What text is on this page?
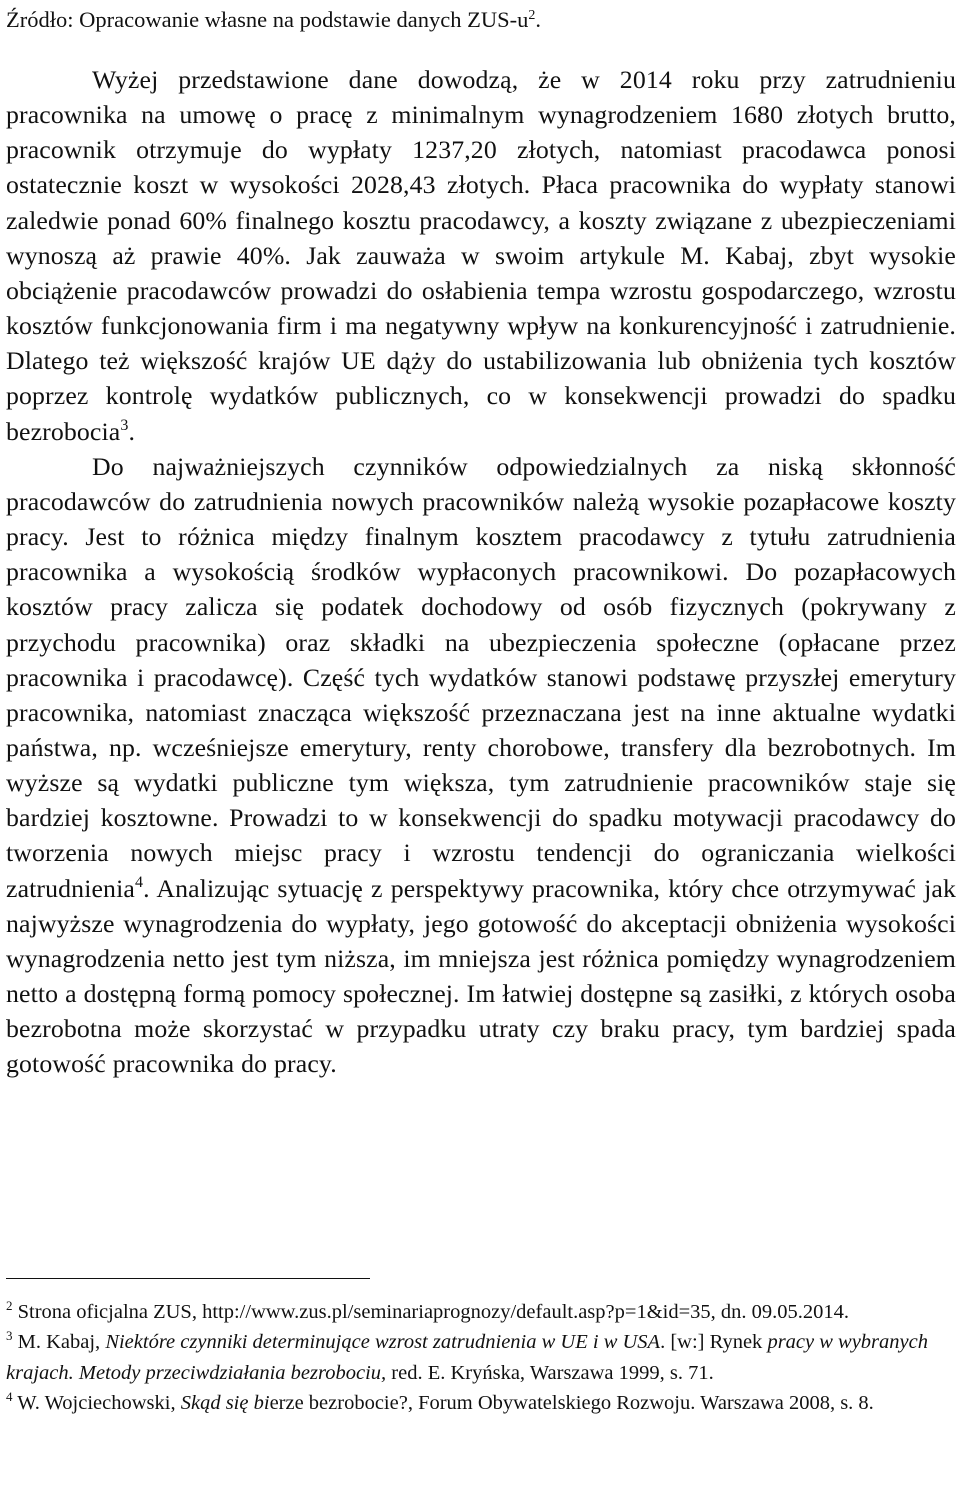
Źródło: Opracowanie własne na podstawie danych ZUS-$u^2$.

Wyżej przedstawione dane dowodzą, że w 2014 roku przy zatrudnieniu pracownika na umowę o pracę z minimalnym wynagrodzeniem 1680 złotych brutto, pracownik otrzymuje do wypłaty 1237,20 złotych, natomiast pracodawca ponosi ostatecznie koszt w wysokości 2028,43 złotych. Płaca pracownika do wypłaty stanowi zaledwie ponad 60% finalnego kosztu pracodawcy, a koszty związane z ubezpieczeniami wynoszą aż prawie 40%. Jak zauważa w swoim artykule M. Kabaj, zbyt wysokie obciążenie pracodawców prowadzi do osłabienia tempa wzrostu gospodarczego, wzrostu kosztów funkcjonowania firm i ma negatywny wpływ na konkurencyjność i zatrudnienie. Dlatego też większość krajów UE dąży do ustabilizowania lub obniżenia tych kosztów poprzez kontrolę wydatków publicznych, co w konsekwencji prowadzi do spadku bezrobocia$^3$.

Do najważniejszych czynników odpowiedzialnych za niską skłonność pracodawców do zatrudnienia nowych pracowników należą wysokie pozapłacowe koszty pracy. Jest to różnica między finalnym kosztem pracodawcy z tytułu zatrudnienia pracownika a wysokością środków wypłaconych pracownikowi. Do pozapłacowych kosztów pracy zalicza się podatek dochodowy od osób fizycznych (pokrywany z przychodu pracownika) oraz składki na ubezpieczenia społeczne (opłacane przez pracownika i pracodawcę). Część tych wydatków stanowi podstawę przyszłej emerytury pracownika, natomiast znacząca większość przeznaczana jest na inne aktualne wydatki państwa, np. wcześniejsze emerytury, renty chorobowe, transfery dla bezrobotnych. Im wyższe są wydatki publiczne tym większa, tym zatrudnienie pracowników staje się bardziej kosztowne. Prowadzi to w konsekwencji do spadku motywacji pracodawcy do tworzenia nowych miejsc pracy i wzrostu tendencji do ograniczania wielkości zatrudnienia$^4$. Analizując sytuację z perspektywy pracownika, który chce otrzymywać jak najwyższe wynagrodzenia do wypłaty, jego gotowość do akceptacji obniżenia wysokości wynagrodzenia netto jest tym niższa, im mniejsza jest różnica pomiędzy wynagrodzeniem netto a dostępną formą pomocy społecznej. Im łatwiej dostępne są zasiłki, z których osoba bezrobotna może skorzystać w przypadku utraty czy braku pracy, tym bardziej spada gotowość pracownika do pracy.

$^2$ Strona oficjalna ZUS, http://www.zus.pl/seminariaprognozy/default.asp?p=1&id=35, dn. 09.05.2014.

$^3$ M. Kabaj, Niektóre czynniki determinujące wzrost zatrudnienia w UE i w USA. [w:] Rynek pracy w wybranych krajach. Metody przeciwdziałania bezrobociu, red. E. Kryńska, Warszawa 1999, s. 71.

$^4$ W. Wojciechowski, Skąd się bierze bezrobocie?, Forum Obywatelskiego Rozwoju. Warszawa 2008, s. 8.
